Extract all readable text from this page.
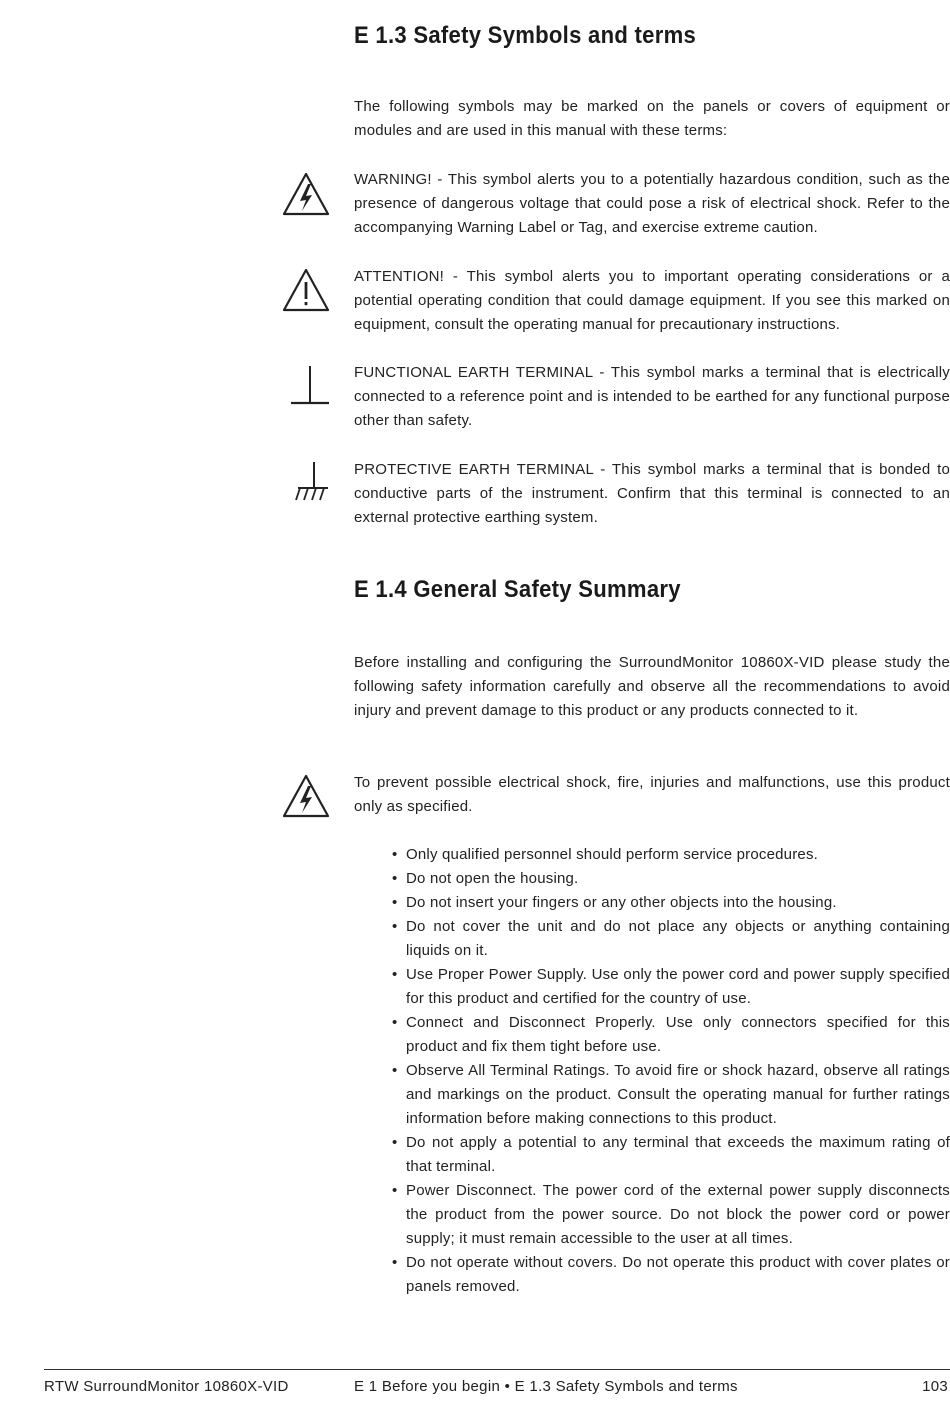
E 1.3 Safety Symbols and terms

The following symbols may be marked on the panels or covers of equipment or modules and are used in this manual with these terms:

WARNING! - This symbol alerts you to a potentially hazardous condition, such as the presence of dangerous voltage that could pose a risk of electrical shock. Refer to the accompanying Warning Label or Tag, and exercise extreme caution.

ATTENTION! - This symbol alerts you to important operating considerations or a potential operating condition that could damage equipment. If you see this marked on equipment, consult the operating manual for precautionary instructions.

FUNCTIONAL EARTH TERMINAL - This symbol marks a terminal that is electrically connected to a reference point and is intended to be earthed for any functional purpose other than safety.

PROTECTIVE EARTH TERMINAL - This symbol marks a terminal that is bonded to conductive parts of the instrument. Confirm that this terminal is connected to an external protective earthing system.

E 1.4 General Safety Summary

Before installing and configuring the SurroundMonitor 10860X-VID please study the following safety information carefully and observe all the recommendations to avoid injury and prevent damage to this product or any products connected to it.

To prevent possible electrical shock, fire, injuries and malfunctions, use this product only as specified.

• Only qualified personnel should perform service procedures.
• Do not open the housing.
• Do not insert your fingers or any other objects into the housing.
• Do not cover the unit and do not place any objects or anything containing liquids on it.
• Use Proper Power Supply. Use only the power cord and power supply specified for this product and certified for the country of use.
• Connect and Disconnect Properly. Use only connectors specified for this product and fix them tight before use.
• Observe All Terminal Ratings. To avoid fire or shock hazard, observe all ratings and markings on the product. Consult the operating manual for further ratings information before making connections to this product.
• Do not apply a potential to any terminal that exceeds the maximum rating of that terminal.
• Power Disconnect. The power cord of the external power supply disconnects the product from the power source. Do not block the power cord or power supply; it must remain accessible to the user at all times.
• Do not operate without covers. Do not operate this product with cover plates or panels removed.
RTW SurroundMonitor 10860X-VID	E 1 Before you begin • E 1.3 Safety Symbols and terms	103
